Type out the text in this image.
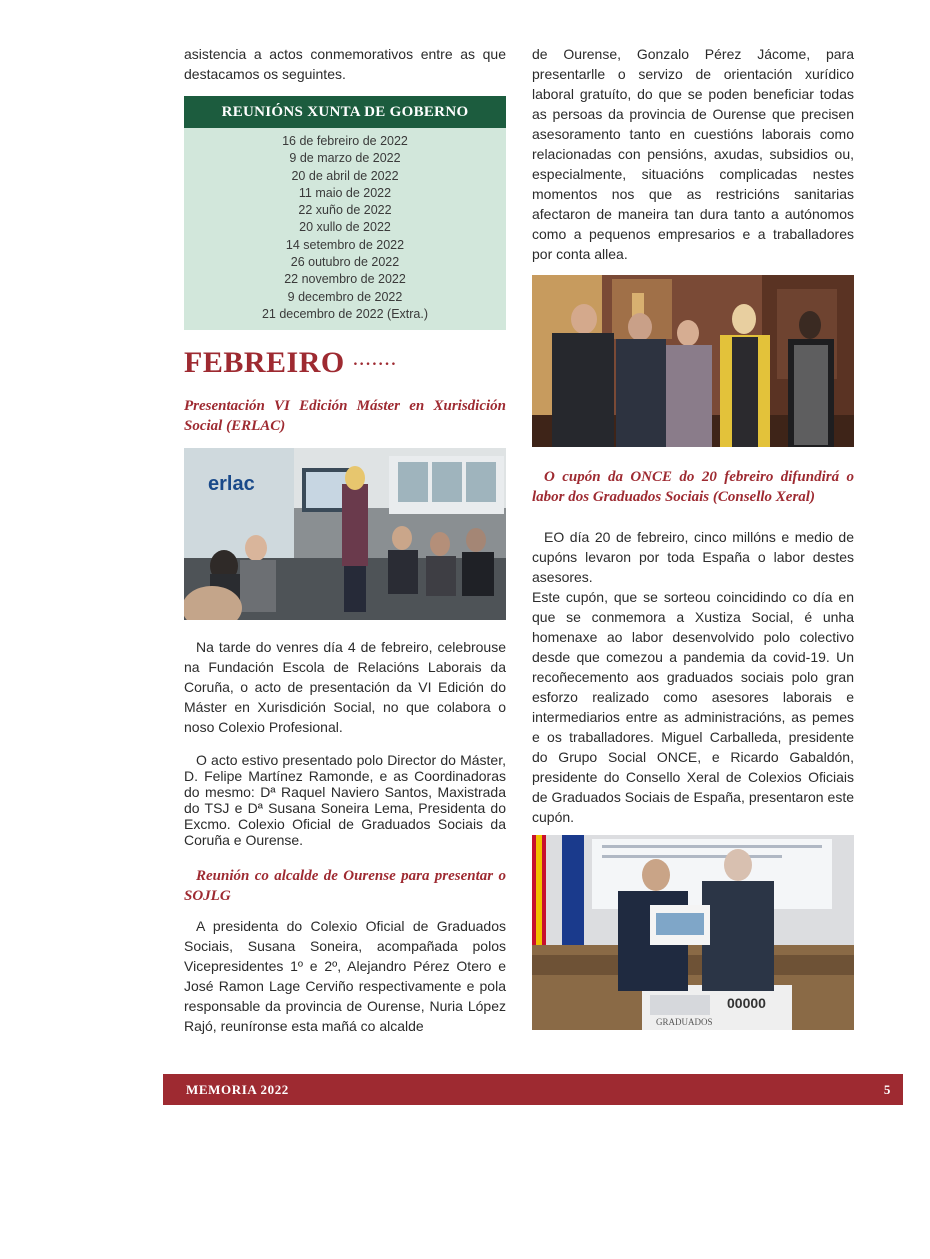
asistencia a actos conmemorativos entre as que destacamos os seguintes.

REUNIÓNS XUNTA DE GOBERNO
16 de febreiro de 2022
9 de marzo de 2022
20 de abril de 2022
11 maio de 2022
22 xuño de 2022
20 xullo de 2022
14 setembro de 2022
26 outubro de 2022
22 novembro de 2022
9 decembro de 2022
21 decembro de 2022 (Extra.)
FEBREIRO ·······

Presentación VI Edición Máster en Xurisdición Social (ERLAC)

erlac

Na tarde do venres día 4 de febreiro, celebrouse na Fundación Escola de Relacións Laborais da Coruña, o acto de presentación da VI Edición do Máster en Xurisdición Social, no que colabora o noso Colexio Profesional.

O acto estivo presentado polo Director do Máster, D. Felipe Martínez Ramonde, e as Coordinadoras do mesmo: Dª Raquel Naviero Santos, Maxistrada do TSJ e Dª Susana Soneira Lema, Presidenta do Excmo. Colexio Oficial de Graduados Sociais da Coruña e Ourense.

Reunión co alcalde de Ourense para presentar o SOJLG

A presidenta do Colexio Oficial de Graduados Sociais, Susana Soneira, acompañada polos Vicepresidentes 1º e 2º, Alejandro Pérez Otero e José Ramon Lage Cerviño respectivamente e pola responsable da provincia de Ourense, Nuria López Rajó, reuníronse esta mañá co alcalde

de Ourense, Gonzalo Pérez Jácome, para presentarlle o servizo de orientación xurídico laboral gratuíto, do que se poden beneficiar todas as persoas da provincia de Ourense que precisen asesoramento tanto en cuestións laborais como relacionadas con pensións, axudas, subsidios ou, especialmente, situacións complicadas nestes momentos nos que as restricións sanitarias afectaron de maneira tan dura tanto a autónomos como a pequenos empresarios e a traballadores por conta allea.

O cupón da ONCE do 20 febreiro difundirá o labor dos Graduados Sociais (Consello Xeral)

EO día 20 de febreiro, cinco millóns e medio de cupóns levaron por toda España o labor destes asesores.

Este cupón, que se sorteou coincidindo co día en que se conmemora a Xustiza Social, é unha homenaxe ao labor desenvolvido polo colectivo desde que comezou a pandemia da covid-19. Un recoñecemento aos graduados sociais polo gran esforzo realizado como asesores laborais e intermediarios entre as administracións, as pemes e os traballadores. Miguel Carballeda, presidente do Grupo Social ONCE, e Ricardo Gabaldón, presidente do Consello Xeral de Colexios Oficiais de Graduados Sociais de España, presentaron este cupón.

00000
GRADUADOS
MEMORIA 2022	5
